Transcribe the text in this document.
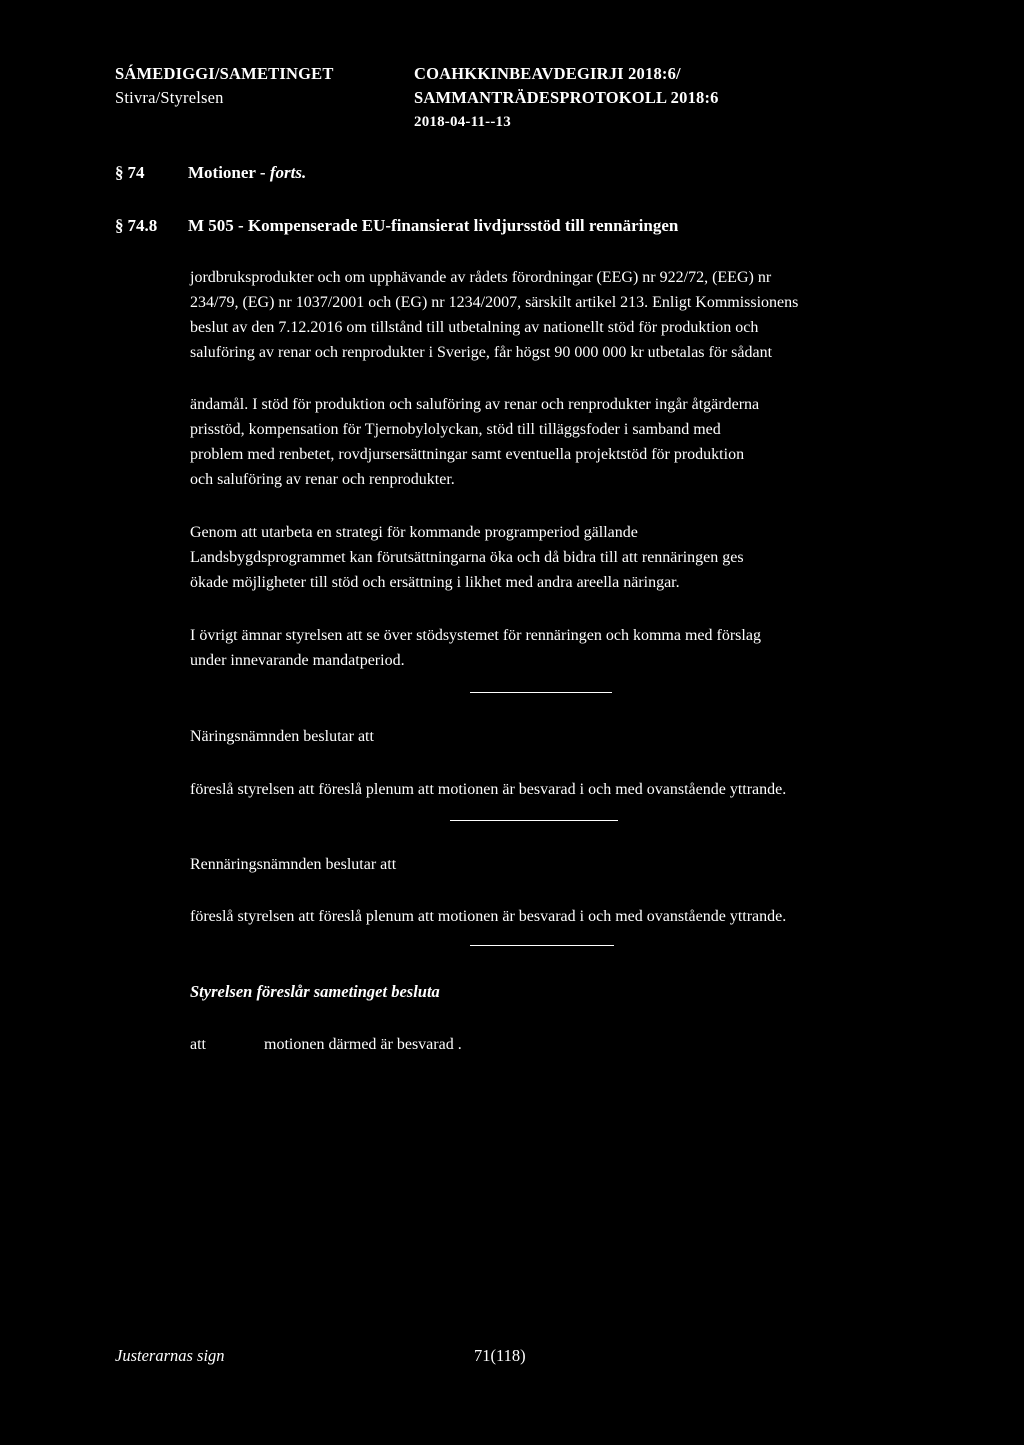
SÁMEDIGGI/SAMETINGET
Stivra/Styrelsen
COAHKKINBEAVDEGIRJI 2018:6/
SAMMANTRÄDESPROTOKOLL 2018:6
2018-04-11--13
§ 74	Motioner - forts.
§ 74.8 M 505 - Kompenserade EU-finansierat livdjursstöd till rennäringen
jordbruksprodukter och om upphävande av rådets förordningar (EEG) nr 922/72, (EEG) nr
234/79, (EG) nr 1037/2001 och (EG) nr 1234/2007, särskilt artikel 213. Enligt Kommissionens
beslut av den 7.12.2016 om tillstånd till utbetalning av nationellt stöd för produktion och
saluföring av renar och renprodukter i Sverige, får högst 90 000 000 kr utbetalas för sådant
ändamål. I stöd för produktion och saluföring av renar och renprodukter ingår åtgärderna
prisstöd, kompensation för Tjernobylolyckan, stöd till tilläggsfoder i samband med
problem med renbetet, rovdjursersättningar samt eventuella projektstöd för produktion
och saluföring av renar och renprodukter.
Genom att utarbeta en strategi för kommande programperiod gällande
Landsbygdsprogrammet kan förutsättningarna öka och då bidra till att rennäringen ges
ökade möjligheter till stöd och ersättning i likhet med andra areella näringar.
I övrigt ämnar styrelsen att se över stödsystemet för rennäringen och komma med förslag
under innevarande mandatperiod.
Näringsnämnden beslutar att
föreslå styrelsen att föreslå plenum att motionen är besvarad i och med ovanstående yttrande.
Rennäringsnämnden beslutar att
föreslå styrelsen att föreslå plenum att motionen är besvarad i och med ovanstående yttrande.
Styrelsen föreslår sametinget besluta
att	motionen därmed är besvarad .
Justerarnas sign	71(118)
